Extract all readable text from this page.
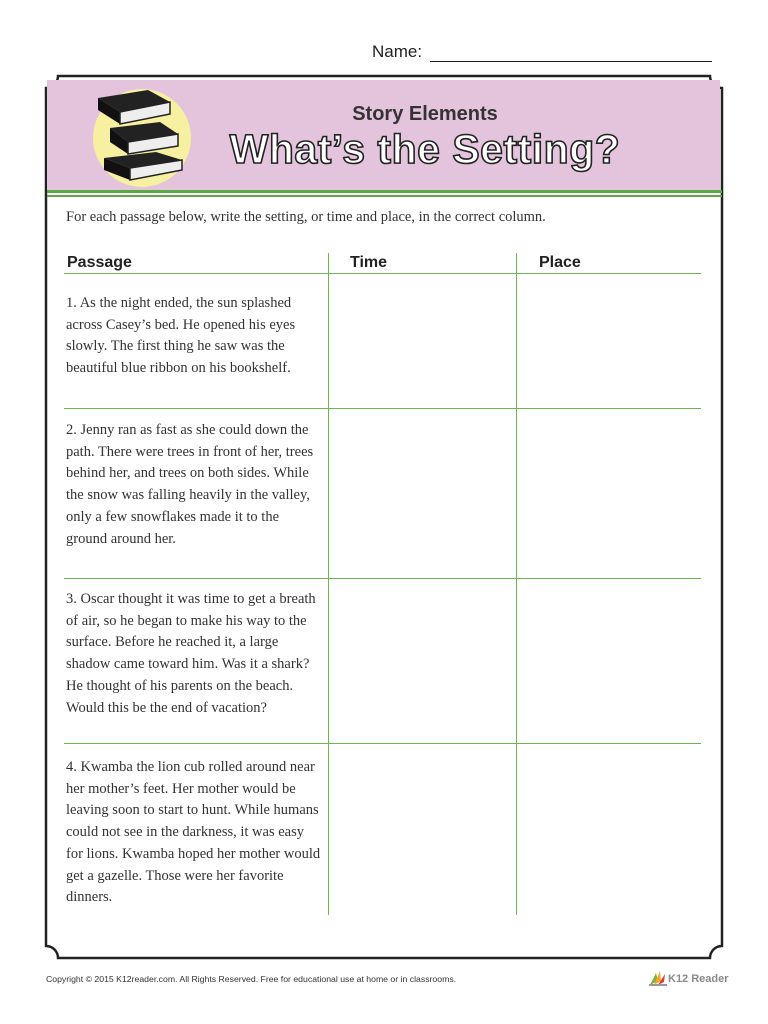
Name:
Story Elements
What’s the Setting?
For each passage below, write the setting, or time and place, in the correct column.
Passage	Time	Place
1. As the night ended, the sun splashed across Casey’s bed. He opened his eyes slowly. The first thing he saw was the beautiful blue ribbon on his bookshelf.
2. Jenny ran as fast as she could down the path. There were trees in front of her, trees behind her, and trees on both sides. While the snow was falling heavily in the valley, only a few snowflakes made it to the ground around her.
3. Oscar thought it was time to get a breath of air, so he began to make his way to the surface. Before he reached it, a large shadow came toward him. Was it a shark? He thought of his parents on the beach. Would this be the end of vacation?
4. Kwamba the lion cub rolled around near her mother’s feet. Her mother would be leaving soon to start to hunt. While humans could not see in the darkness, it was easy for lions. Kwamba hoped her mother would get a gazelle. Those were her favorite dinners.
Copyright © 2015 K12reader.com. All Rights Reserved. Free for educational use at home or in classrooms.	K12 Reader
